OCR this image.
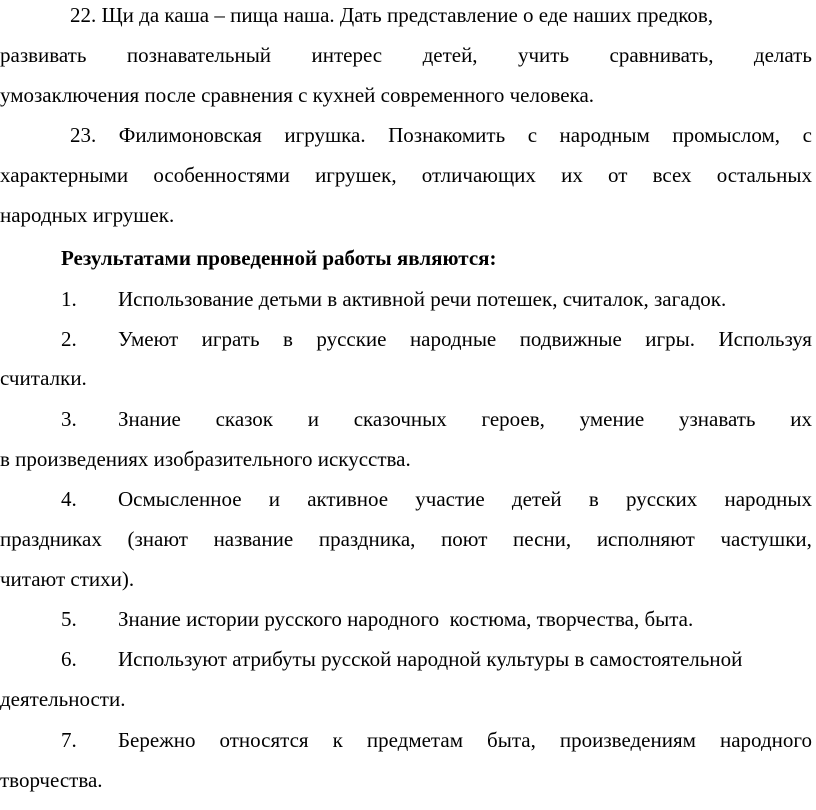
22. Щи да каша – пища наша. Дать представление о еде наших предков,
развивать познавательный интерес детей, учить сравнивать, делать
умозаключения после сравнения с кухней современного человека.
23. Филимоновская игрушка. Познакомить с народным промыслом, с
характерными особенностями игрушек, отличающих их от всех остальных
народных игрушек.
Результатами проведенной работы являются:
1. Использование детьми в активной речи потешек, считалок, загадок.
2. Умеют играть в русские народные подвижные игры. Используя
считалки.
3. Знание сказок и сказочных героев, умение узнавать их
в произведениях изобразительного искусства.
4. Осмысленное и активное участие детей в русских народных
праздниках (знают название праздника, поют песни, исполняют частушки,
читают стихи).
5. Знание истории русского народного  костюма, творчества, быта.
6. Используют атрибуты русской народной культуры в самостоятельной
деятельности.
7. Бережно относятся к предметам быта, произведениям народного
творчества.
